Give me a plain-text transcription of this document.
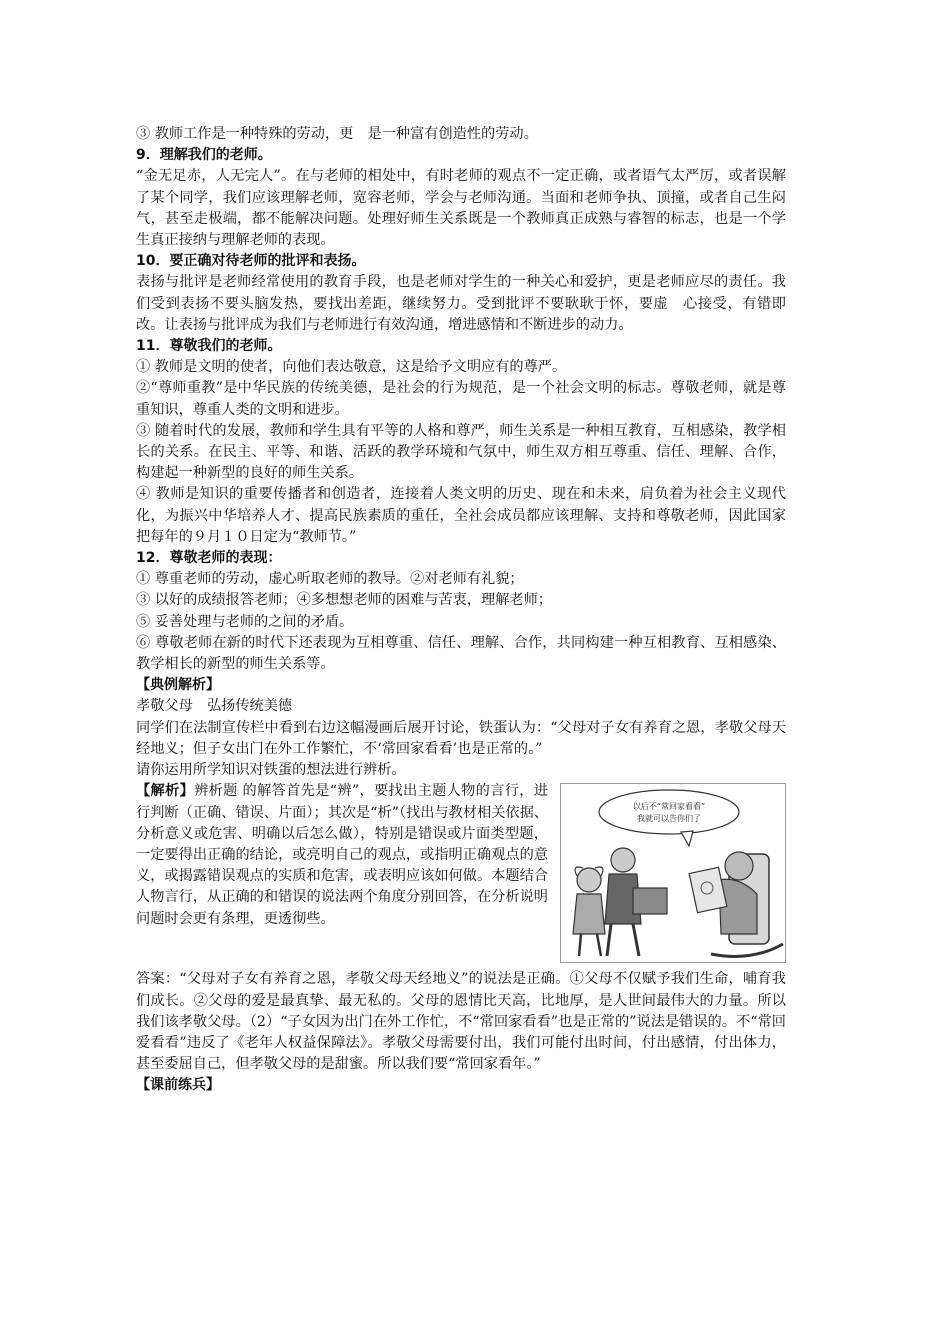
③ 教师工作是一种特殊的劳动，更　是一种富有创造性的劳动。

9．理解我们的老师。

“金无足赤，人无完人”。在与老师的相处中，有时老师的观点不一定正确，或者语气太严厉，或者误解了某个同学，我们应该理解老师，宽容老师，学会与老师沟通。当面和老师争执、顶撞，或者自己生闷气，甚至走极端，都不能解决问题。处理好师生关系既是一个教师真正成熟与睿智的标志，也是一个学生真正接纳与理解老师的表现。

10．要正确对待老师的批评和表扬。

表扬与批评是老师经常使用的教育手段，也是老师对学生的一种关心和爱护，更是老师应尽的责任。我们受到表扬不要头脑发热，要找出差距，继续努力。受到批评不要耿耿于怀，要虚　心接受，有错即改。让表扬与批评成为我们与老师进行有效沟通，增进感情和不断进步的动力。

11．尊敬我们的老师。

① 教师是文明的使者，向他们表达敬意，这是给予文明应有的尊严。

②“尊师重教”是中华民族的传统美德，是社会的行为规范，是一个社会文明的标志。尊敬老师，就是尊重知识，尊重人类的文明和进步。

③ 随着时代的发展，教师和学生具有平等的人格和尊严，师生关系是一种相互教育，互相感染，教学相长的关系。在民主、平等、和谐、活跃的教学环境和气氛中，师生双方相互尊重、信任、理解、合作，构建起一种新型的良好的师生关系。

④ 教师是知识的重要传播者和创造者，连接着人类文明的历史、现在和未来，肩负着为社会主义现代化，为振兴中华培养人才、提高民族素质的重任，全社会成员都应该理解、支持和尊敬老师，因此国家把每年的９月１０日定为“教师节。”

12．尊敬老师的表现：

① 尊重老师的劳动，虚心听取老师的教导。②对老师有礼貌；

③ 以好的成绩报答老师；④多想想老师的困难与苦衷，理解老师；

⑤ 妥善处理与老师的之间的矛盾。

⑥ 尊敬老师在新的时代下还表现为互相尊重、信任、理解、合作，共同构建一种互相教育、互相感染、教学相长的新型的师生关系等。

【典例解析】

孝敬父母　弘扬传统美德

同学们在法制宣传栏中看到右边这幅漫画后展开讨论，铁蛋认为：“父母对子女有养育之恩，孝敬父母天经地义；但子女出门在外工作繁忙，不‘常回家看看’也是正常的。”

请你运用所学知识对铁蛋的想法进行辨析。

以后不“常回家看看”
我就可以告你们了

【解析】辨析题 的解答首先是“辨”，要找出主题人物的言行，进行判断（正确、错误、片面）；其次是“析”（找出与教材相关依据、分析意义或危害、明确以后怎么做），特别是错误或片面类型题，一定要得出正确的结论，或亮明自己的观点，或指明正确观点的意义，或揭露错误观点的实质和危害，或表明应该如何做。本题结合人物言行，从正确的和错误的说法两个角度分别回答，在分析说明问题时会更有条理，更透彻些。

答案：“父母对子女有养育之恩，孝敬父母天经地义”的说法是正确。①父母不仅赋予我们生命，哺育我们成长。②父母的爱是最真挚、最无私的。父母的恩情比天高，比地厚，是人世间最伟大的力量。所以我们该孝敬父母。（2）“子女因为出门在外工作忙，不“常回家看看”也是正常的”说法是错误的。不“常回爱看看”违反了《老年人权益保障法》。孝敬父母需要付出，我们可能付出时间，付出感情，付出体力，甚至委屈自己，但孝敬父母的是甜蜜。所以我们要“常回家看年。”

【课前练兵】
